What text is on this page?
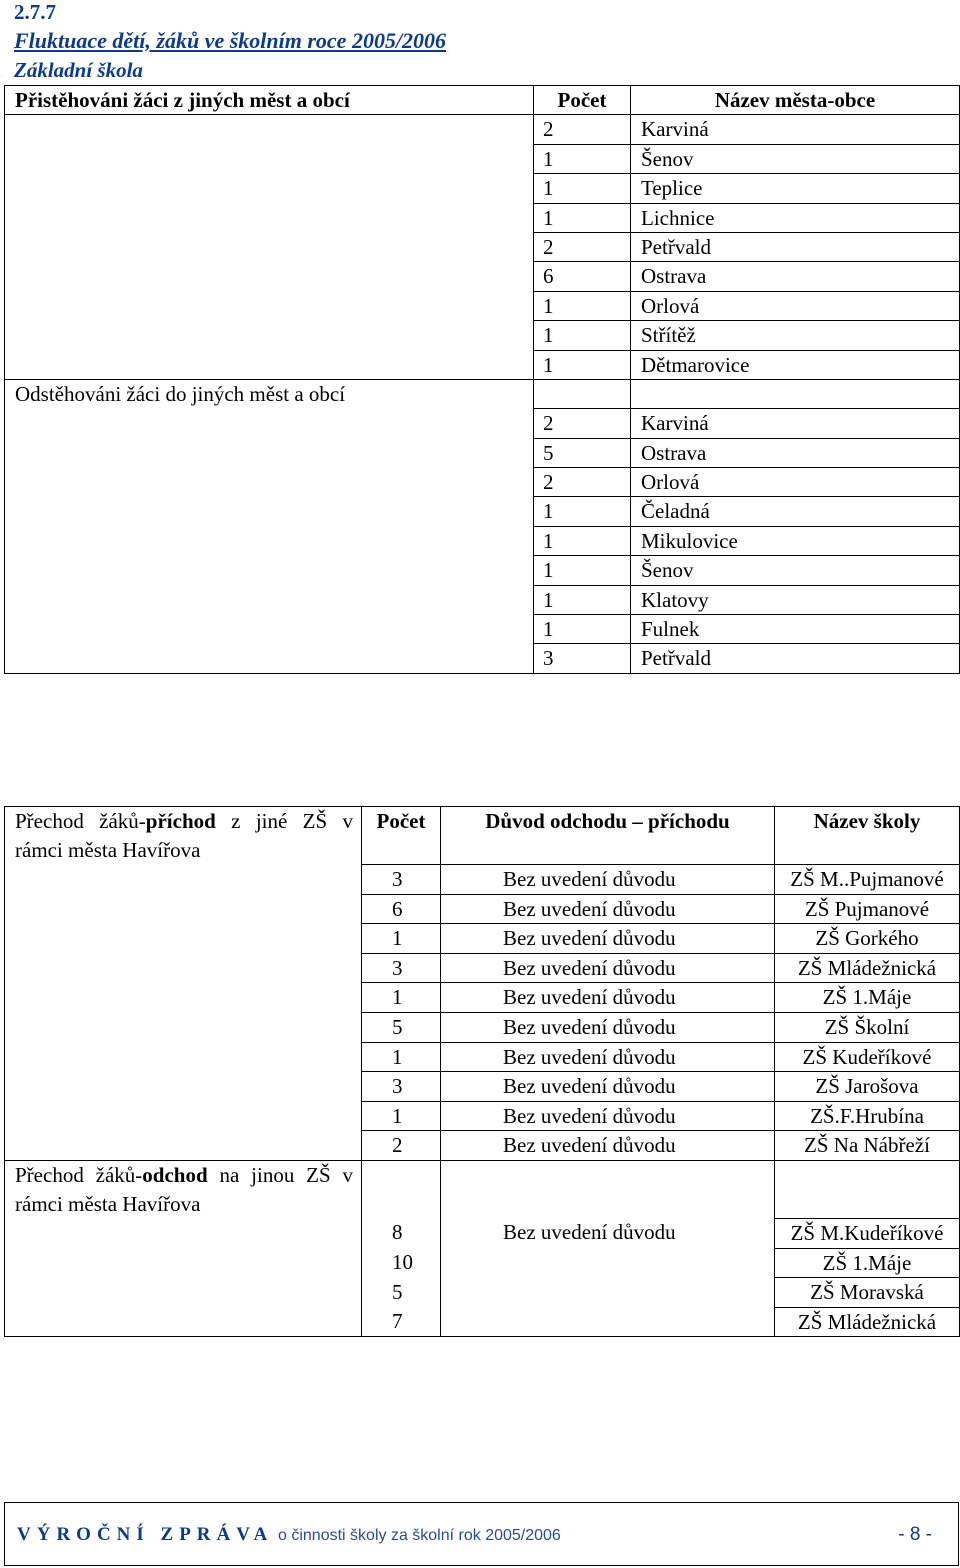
2.7.7
Fluktuace dětí, žáků ve školním roce 2005/2006
Základní škola
Přistěhováni žáci z jiných měst a obcí	Počet	Název města-obce
	2	Karviná
	1	Šenov
	1	Teplice
	1	Lichnice
	2	Petřvald
	6	Ostrava
	1	Orlová
	1	Střítěž
	1	Dětmarovice
Odstěhováni žáci do jiných měst a obcí		
	2	Karviná
	5	Ostrava
	2	Orlová
	1	Čeladná
	1	Mikulovice
	1	Šenov
	1	Klatovy
	1	Fulnek
	3	Petřvald
Přechod žáků-příchod z jiné ZŠ v rámci města Havířova	Počet	Důvod odchodu – příchodu	Název školy
	3	Bez uvedení důvodu	ZŠ M..Pujmanové
	6	Bez uvedení důvodu	ZŠ Pujmanové
	1	Bez uvedení důvodu	ZŠ Gorkého
	3	Bez uvedení důvodu	ZŠ Mládežnická
	1	Bez uvedení důvodu	ZŠ 1.Máje
	5	Bez uvedení důvodu	ZŠ Školní
	1	Bez uvedení důvodu	ZŠ Kudeříkové
	3	Bez uvedení důvodu	ZŠ Jarošova
	1	Bez uvedení důvodu	ZŠ.F.Hrubína
	2	Bez uvedení důvodu	ZŠ Na Nábřeží
Přechod žáků-odchod na jinou ZŠ v rámci města Havířova			
	8	Bez uvedení důvodu	ZŠ M.Kudeříkové
	10		ZŠ 1.Máje
	5		ZŠ Moravská
	7		ZŠ Mládežnická
VÝROČNÍ ZPRÁVA o činnosti školy za školní rok 2005/2006	- 8 -
